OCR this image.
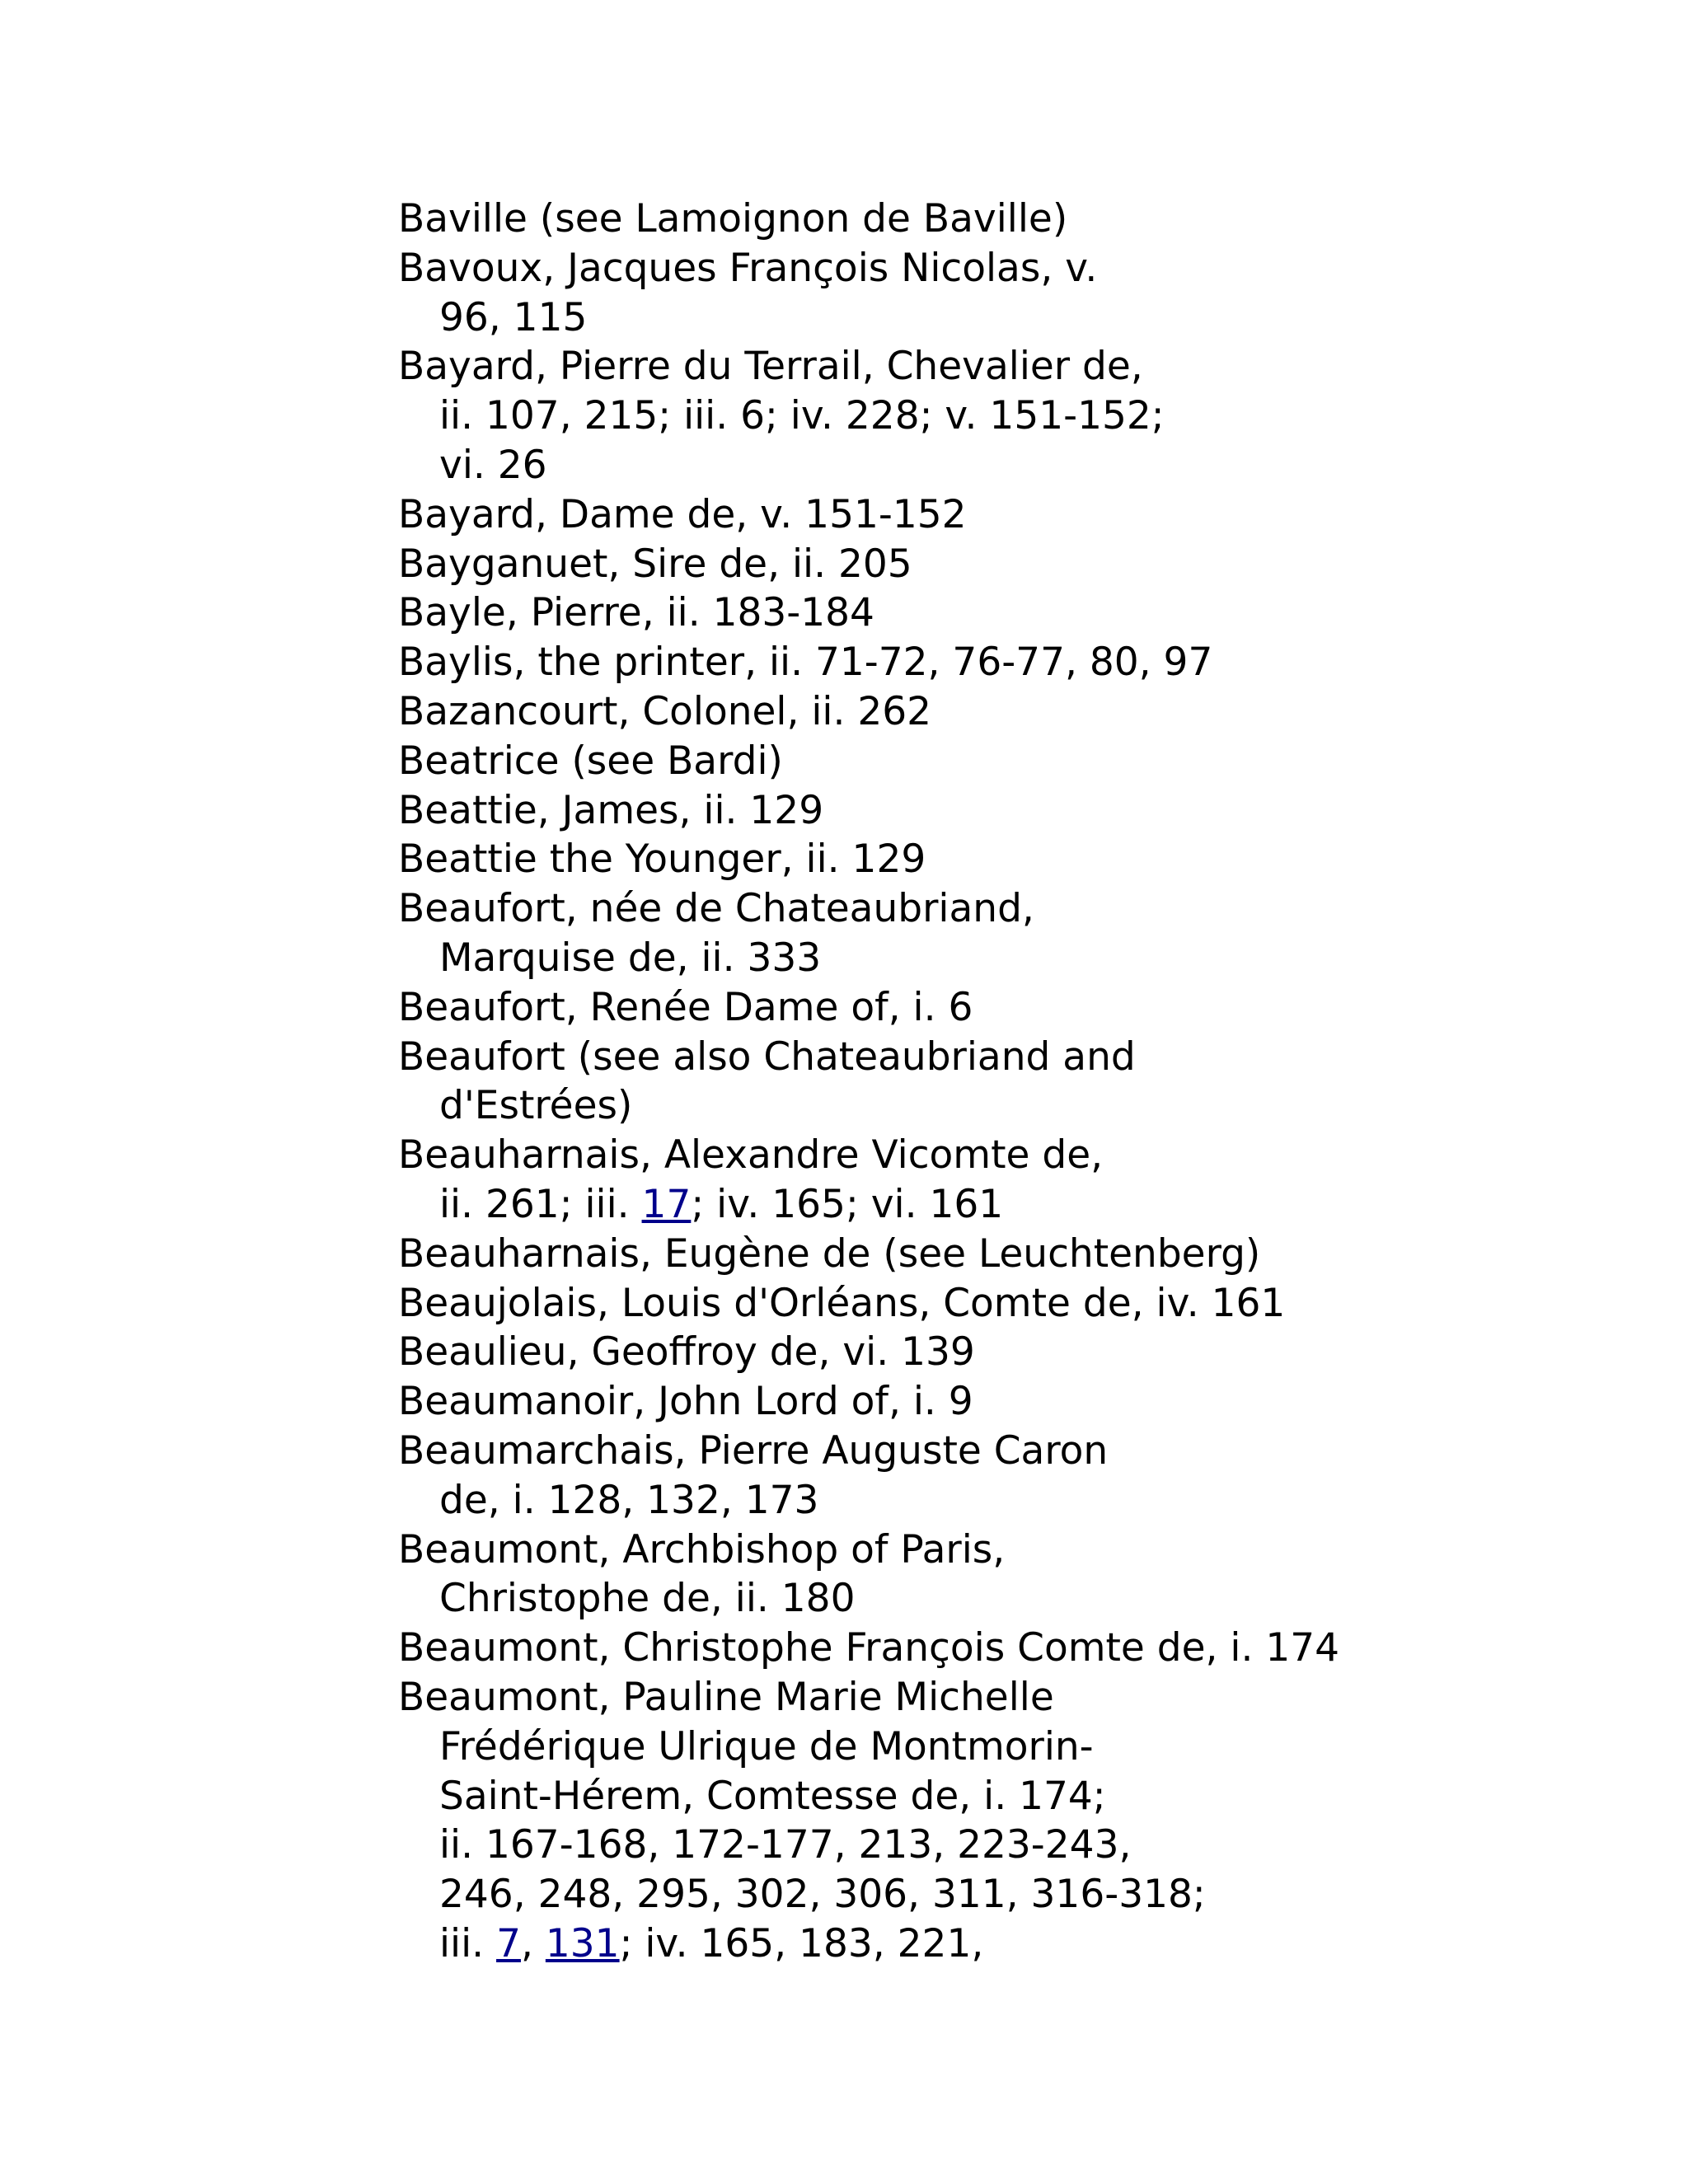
Baville (see Lamoignon de Baville)
Bavoux, Jacques François Nicolas, v.
96, 115
Bayard, Pierre du Terrail, Chevalier de,
ii. 107, 215; iii. 6; iv. 228; v. 151-152;
vi. 26
Bayard, Dame de, v. 151-152
Bayganuet, Sire de, ii. 205
Bayle, Pierre, ii. 183-184
Baylis, the printer, ii. 71-72, 76-77, 80, 97
Bazancourt, Colonel, ii. 262
Beatrice (see Bardi)
Beattie, James, ii. 129
Beattie the Younger, ii. 129
Beaufort, née de Chateaubriand,
Marquise de, ii. 333
Beaufort, Renée Dame of, i. 6
Beaufort (see also Chateaubriand and
d'Estrées)
Beauharnais, Alexandre Vicomte de,
ii. 261; iii. 17; iv. 165; vi. 161
Beauharnais, Eugène de (see Leuchtenberg)
Beaujolais, Louis d'Orléans, Comte de, iv. 161
Beaulieu, Geoffroy de, vi. 139
Beaumanoir, John Lord of, i. 9
Beaumarchais, Pierre Auguste Caron
de, i. 128, 132, 173
Beaumont, Archbishop of Paris,
Christophe de, ii. 180
Beaumont, Christophe François Comte de, i. 174
Beaumont, Pauline Marie Michelle
Frédérique Ulrique de Montmorin-
Saint-Hérem, Comtesse de, i. 174;
ii. 167-168, 172-177, 213, 223-243,
246, 248, 295, 302, 306, 311, 316-318;
iii. 7, 131; iv. 165, 183, 221,
